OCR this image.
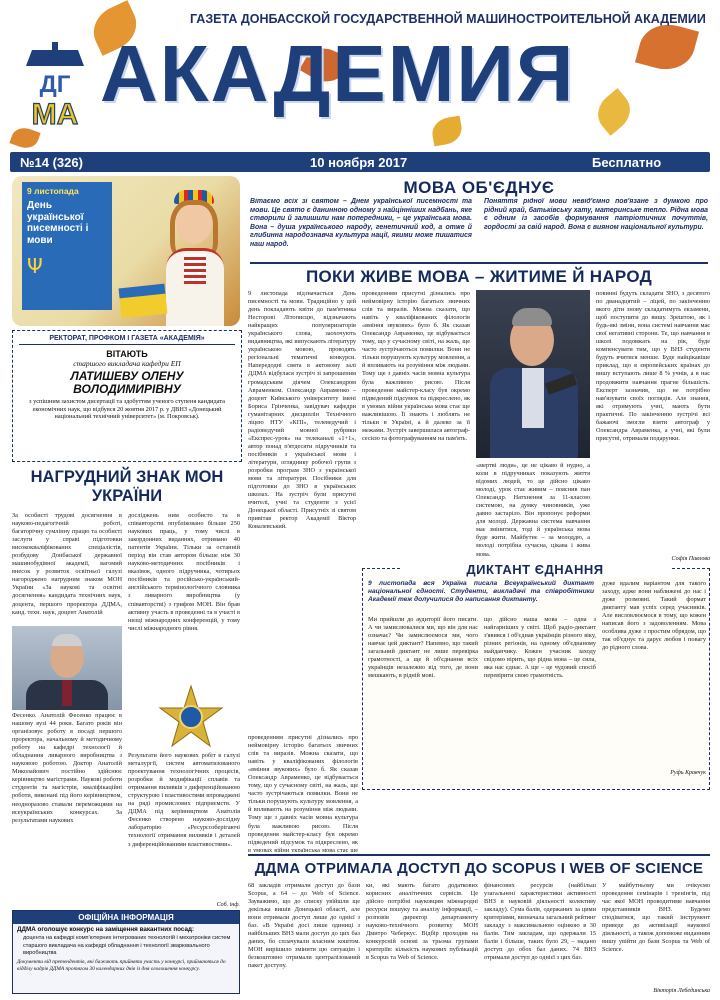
ДГ
МА
ГАЗЕТА ДОНБАССКОЙ ГОСУДАРСТВЕННОЙ МАШИНОСТРОИТЕЛЬНОЙ АКАДЕМИИ
АКАДЕМИЯ
№14 (326)	10 ноября 2017	Бесплатно
9 листопада
День української писемності і мови
Ψ
МОВА ОБ'ЄДНУЄ
Вітаємо всіх зі святом – Днем української писемності та мови. Це свято є данинною одному з найцінніших надбань, яке створили й залишили нам попередники, – це українська мова. Вона – душа українського народу, генетичний код, а отже й глибинна народознавча культура нації, якими може пишатися наш народ.
Поняття рідної мови невід'ємно пов'язане з думкою про рідний край, батьківську хату, материнське тепло. Рідна мова є одним із засобів формування патріотичних почуттів, гордості за свій народ. Вона є вияном національної культури.
ПОКИ ЖИВЕ МОВА – ЖИТИМЕ Й НАРОД
9 листопада відзначається День писемності та мови. Традиційно у цей день покладають квіти до пам'ятника Несторові Літописцю, відзначають найкращих популяризаторів українського слова, заохочують видавництва, які випускають літературу українською мовою, проводять регіональні тематичні конкурси. Напередодні свята в актовому залі ДДМА відбулася зустріч зі запрошеним громадським діячем Олександром Авраменком. Олександр Авраменко – доцент Київського університету імені Бориса Грінченка, завідувач кафедри гуманітарних дисциплін Технічного ліцею НТУ «КПІ», телеведучий і радіоведучий мовної рубрики «Експрес-урок» на телеканалі «1+1», автор понад п'ятдесяти підручників та посібників з української мови і літератури, огляднику робочої групи з розробки програм ЗНО з української мови та літератури. Посібники для підготовки до ЗНО в українських школах. На зустріч були присутні вчителі, учні та студенти з усієї Донецької області. Присутніх зі святом привітав ректор Академії Віктор Ковалевський.
проведенням присутні дізнались про неймовірну історію багатьох звичних слів та виразів. Можна сказати, що навіть у кваліфікованих філологів «вміння звукових» було б. Як сказав Олександр Авраменко, це відбувається тому, що у сучасному світі, на жаль, ще часто зустрічаються помилки. Вони не тільки порушують культуру мовлення, а й впливають на розуміння між людьми. Тому ще з давніх часів мовна культура була важливою рисою. Після проведення майстер-класу був окремо підведений підсумок та підкреслено, як в умовах війни українська мова стає ще важливішою. Її знають і люблять не тільки в Україні, а й далеко за її межами. Зустріч завершилася автограф-сесією та фотографуванням на пам'ять.
«мертві люди», це не цікаво й нудно, а коли в підручниках показують життя відомих людей, то це дійсно цікаво молоді, урок стає живим – пояснив пан Олександр. Натхнення за 11-класою системою, на думку чиновників, уже давно застаріло. Він пропонує реформи для молоді. Державна система навчання має змінитися, тоді й українська мова буде жити. Майбутнє – за молоддю, а молоді потрібна сучасна, цікава і жива мова.
повинні будуть складати ЗНО, з десятого по дванадцятий – ліцей, по закінченню якого діти знову складатимуть екзамени, щоб поступити до вишу. Зрештою, як і будь-які зміни, вона системі навчання має свої негативні сторони. Те, що навчання в школі подовжать на рік, буде компенсувати тим, що у ВНЗ студенти будуть вчитися менше. Буде найцікавіше приклад, що в європейських країнах до вишу вступають лише 8 % учнів, а в нас продовжити навчання прагне більшість. Експерт зазначив, що не потрібно нав'язувати своїх поглядів. Але знання, які отримують учні, мають бути практичні. По закінченню зустрічі всі бажаючі змогли взяти автограф у Олександра Авраменка, а учні, які були присутні, отримали подарунки.
Софія Павлова
РЕКТОРАТ, ПРОФКОМ І ГАЗЕТА «АКАДЕМІЯ»
ВІТАЮТЬ
старшого викладача кафедри ЕП
ЛАТИШЕВУ ОЛЕНУ ВОЛОДИМИРІВНУ
з успішним захистом дисертації та здобуттям ученого ступеня кандидата економічних наук, що відбувся 20 жовтня 2017 р. у ДВНЗ «Донецький національний технічний університет» (м. Покровськ).
НАГРУДНИЙ ЗНАК МОН УКРАЇНИ
За особисті трудові досягнення в науково-педагогічній роботі, багаторічну сумлінну працю та особисті заслуги у справі підготовки висококваліфікованих спеціалістів, розбудову Донбаської державної машинобудівної академії, вагомий внесок у розвиток освітньої галузі нагороджено нагрудним знаком МОН України «За наукові та освітні досягнення» кандидата технічних наук, доцента, першого проректора ДДМА, канд. техн. наук, доцент Анатолій
Фесенко. Анатолій Фесенко працює в нашому вузі 44 роки. Багато років він організовує роботу в посаді першого проректора, начальному й методичному роботу на кафедрі технології й обладнання ливарного виробництва з науковою роботою. Доктор Анатолій Миколайович постійно здійснює керівництво магістрами. Наукові роботи студентів та магістрів, кваліфікаційні роботи, виконані під його керівництвом, неодноразово ставали переможцями на всеукраїнських конкурсах. За результатами наукових
досліджень ним особисто та в співавторстві опубліковано більше 250 наукових праць, у тому числі в закордонних виданнях, отримано 40 патентів України. Тільки за останній період він став автором більше ніж 30 науково-методичних посібників і вказівок, одного підручника, чотирьох посібників та російсько-український-англійського термінологічного словника з ливарного виробництва (у співавторстві) з грифом МОН. Він брав активну участь в проведенні та в участі в низці міжнародних конференцій, у тому числі міжнародного рівня.
Результати його наукових робіт в галузі металургії, систем автоматизованого проектування технологічних процесів, розробки й модифікації сплавів та отримання виливків з диференційованою структурою і властивостями впроваджені на ряді промислових підприємств. У ДДМА під керівництвом Анатолія Фесенко створено науково-дослідну лабораторію «Ресурсозберігаючі технології отримання виливків і деталей з диференційованими властивостями».
Соб. інф.
ОФІЦІЙНА ІНФОРМАЦІЯ
ДДМА оголошує конкурс на заміщення вакантних посад:
доцента на кафедрі комп'ютерних інтегрованих технологій і мехатроніки систем
старшого викладача на кафедрі обладнання і технології зварювального виробництва
Документи від претендентів, які бажають прийняти участь у конкурсі, приймаються до відділу кадрів ДДМА протягом 30 календарних днів із дня оголошення конкурсу.
ДИКТАНТ ЄДНАННЯ
9 листопада вся Україна писала Всеукраїнський диктант національної єдності. Студенти, викладачі та співробітники Академії теж долучилися до написання диктанту.
Ми прийшли до аудиторії його писати. А чи замислювалися ми, що він для нас означає? Чи замислюємося ми, чого навчає цей диктант? Напевно, що такий загальний диктант не лише перевірка грамотності, а ще й об'єднання всіх українців незалежно від того, де вони мешкають, в рідній мові.
що дійсно наша мова – одна з найгарніших у світі. Щоб радіо-диктант з'явився і об'єднав українців різного віку, різних регіонів, на одному об'єднаному майданчику. Кожен учасник заходу свідомо вірить, що рідна мова – це сила, яка нас єднає. А ще – це чудовий спосіб перевірити свою грамотність.
дуже вдалим варіантом для такого заходу, адже вони наближені до нас і дуже розмовні. Такий формат диктанту мав успіх серед учасників. Але висловлюємося в тому, що кожен написав його з задоволенням. Мова особлива дуже з простим обрядом, що так об'єднує та дарує любов і повагу до рідного слова.
Руфь Кравчук
ДДМА ОТРИМАЛА ДОСТУП ДО SCOPUS І WEB OF SCIENCE
68 закладів отримали доступ до бази Scopus, а 64 – до Web of Science. Зауважимо, що до списку увійшли ще декілька вишів Донецької області, але вони отримали доступ лише до однієї з баз. «В Україні досі лише одиниці з найбільших ВНЗ мали доступ до цих баз даних, бо сплачували власним коштом. МОН вирішило змінити цю ситуацію і безкоштовно отримали централізований пакет доступу.
ки, які мають багато додаткових корисних аналітичних сервісів. Це дійсно потрібні науковцям міжнародні ресурси пошуку та аналізу інформації, – розповів директор департаменту науково-технічного розвитку МОН Дмитро Чеберкус. Відбір проходив на конкурсній основі за трьома групами критеріїв: кількість наукових публікацій в Scopus та Web of Science.
фінансових ресурсів (найбільш узагальнені характеристики активності ВНЗ в науковій діяльності колективу закладу). Сума балів, одержаних за цими критеріями, визначала загальний рейтинг закладу з максимальною оцінкою в 30 балів. Тим закладам, що одержали 15 балів і більше, таких було 29, – надано доступ до обох баз даних. 74 ВНЗ отримали доступ до однієї з цих баз.
У майбутньому ми очікуємо проведення семінарів і тренінгів, під час якої МОН проводитиме навчання представників ВНЗ. Будемо сподіватися, що такий інструмент приведе до активізації наукової діяльності, а також допоможе виданням вишу увійти до бази Scopus та Web of Science.
Вікторія Лебединська
проведенням присутні дізнались про неймовірну історію багатьох звичних слів та виразів. Можна сказати, що навіть у кваліфікованих філологів «вміння звукових» було б. Як сказав Олександр Авраменко, це відбувається тому, що у сучасному світі, на жаль, ще часто зустрічаються помилки. Вони не тільки порушують культуру мовлення, а й впливають на розуміння між людьми. Тому ще з давніх часів мовна культура була важливою рисою. Після проведення майстер-класу був окремо підведений підсумок та підкреслено, як в умовах війни українська мова стає ще
